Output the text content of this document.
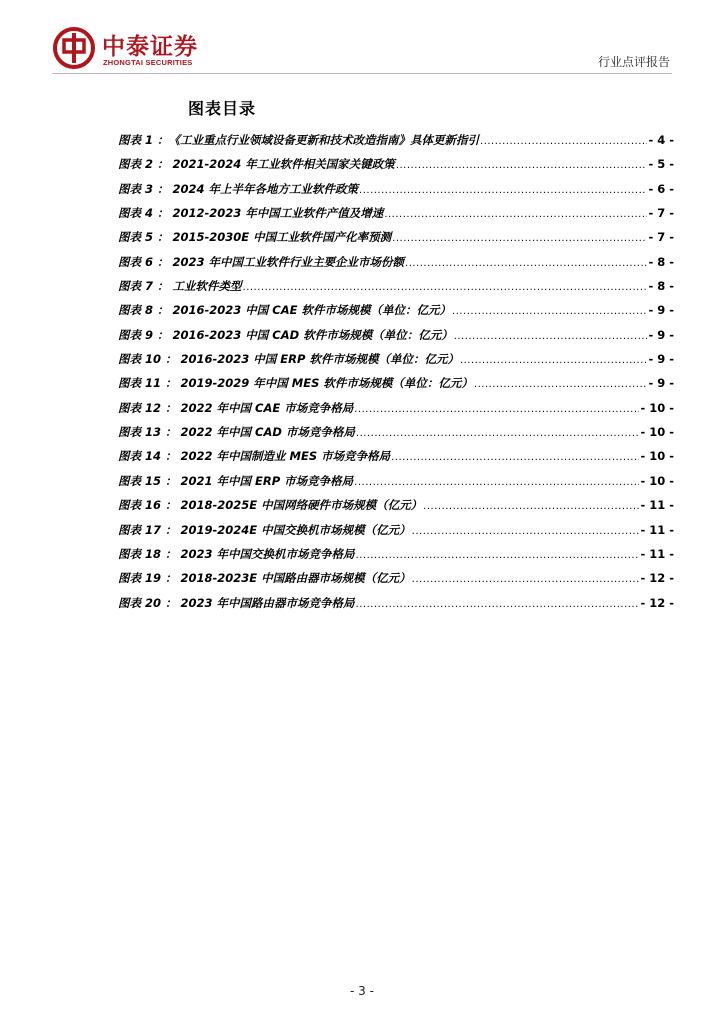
中泰证券
ZHONGTAI SECURITIES	行业点评报告
图表目录
图表 1 ：《工业重点行业领域设备更新和技术改造指南》具体更新指引 .....	- 4 -
图表 2 ： 2021-2024 年工业软件相关国家关键政策 .....	- 5 -
图表 3 ： 2024 年上半年各地方工业软件政策 .....	- 6 -
图表 4 ： 2012-2023 年中国工业软件产值及增速 .....	- 7 -
图表 5 ： 2015-2030E 中国工业软件国产化率预测 .....	- 7 -
图表 6 ： 2023 年中国工业软件行业主要企业市场份额 .....	- 8 -
图表 7 ： 工业软件类型 .....	- 8 -
图表 8 ： 2016-2023 中国 CAE 软件市场规模（单位：亿元） .....	- 9 -
图表 9 ： 2016-2023 中国 CAD 软件市场规模（单位：亿元） .....	- 9 -
图表 10 ： 2016-2023 中国 ERP 软件市场规模（单位：亿元） .....	- 9 -
图表 11 ： 2019-2029 年中国 MES 软件市场规模（单位：亿元） .....	- 9 -
图表 12 ： 2022 年中国 CAE 市场竞争格局 .....	- 10 -
图表 13 ： 2022 年中国 CAD 市场竞争格局 .....	- 10 -
图表 14 ： 2022 年中国制造业 MES 市场竞争格局 .....	- 10 -
图表 15 ： 2021 年中国 ERP 市场竞争格局 .....	- 10 -
图表 16 ： 2018-2025E 中国网络硬件市场规模（亿元） .....	- 11 -
图表 17 ： 2019-2024E 中国交换机市场规模（亿元） .....	- 11 -
图表 18 ： 2023 年中国交换机市场竞争格局 .....	- 11 -
图表 19 ： 2018-2023E 中国路由器市场规模（亿元） .....	- 12 -
图表 20 ： 2023 年中国路由器市场竞争格局 .....	- 12 -
- 3 -
